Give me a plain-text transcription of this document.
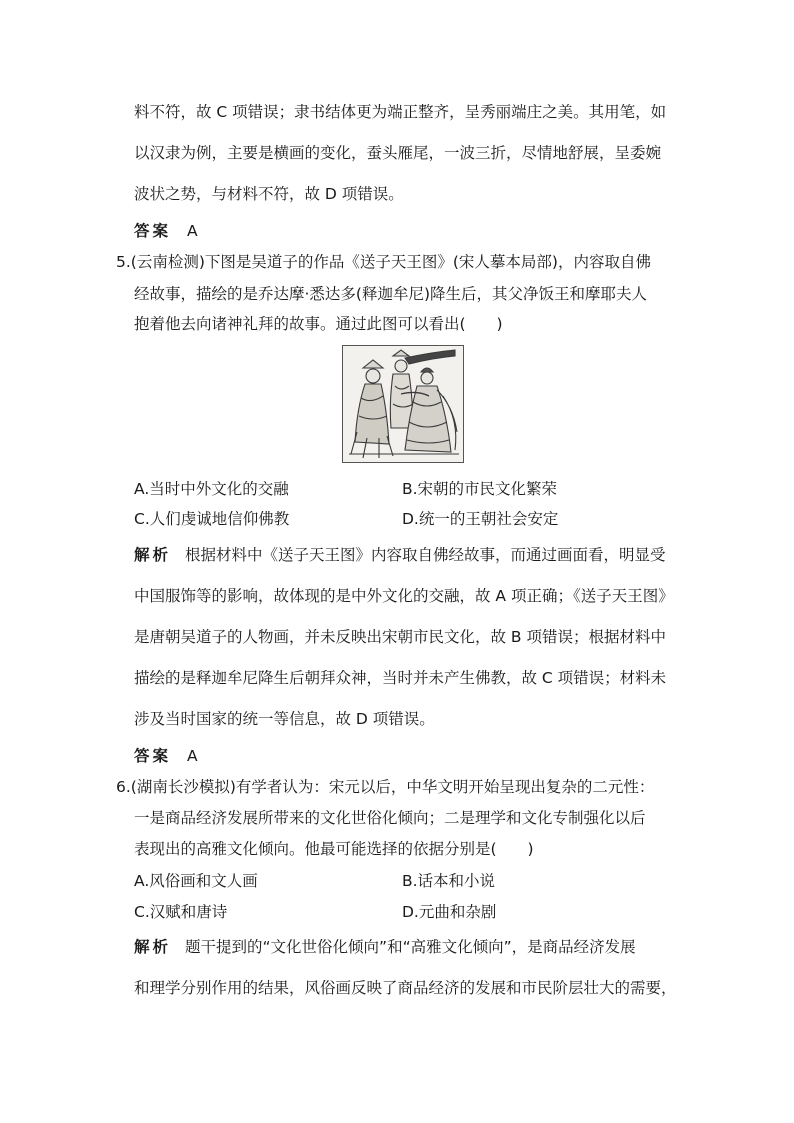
料不符，故 C 项错误；隶书结体更为端正整齐，呈秀丽端庄之美。其用笔，如
以汉隶为例，主要是横画的变化，蚕头雁尾，一波三折，尽情地舒展，呈委婉
波状之势，与材料不符，故 D 项错误。
答案 A
5.(云南检测)下图是吴道子的作品《送子天王图》(宋人摹本局部)，内容取自佛
经故事，描绘的是乔达摩·悉达多(释迦牟尼)降生后，其父净饭王和摩耶夫人
抱着他去向诸神礼拜的故事。通过此图可以看出(　　)
A.当时中外文化的交融	B.宋朝的市民文化繁荣
C.人们虔诚地信仰佛教	D.统一的王朝社会安定
解析 根据材料中《送子天王图》内容取自佛经故事，而通过画面看，明显受
中国服饰等的影响，故体现的是中外文化的交融，故 A 项正确；《送子天王图》
是唐朝吴道子的人物画，并未反映出宋朝市民文化，故 B 项错误；根据材料中
描绘的是释迦牟尼降生后朝拜众神，当时并未产生佛教，故 C 项错误；材料未
涉及当时国家的统一等信息，故 D 项错误。
答案 A
6.(湖南长沙模拟)有学者认为：宋元以后，中华文明开始呈现出复杂的二元性：
一是商品经济发展所带来的文化世俗化倾向；二是理学和文化专制强化以后
表现出的高雅文化倾向。他最可能选择的依据分别是(　　)
A.风俗画和文人画	B.话本和小说
C.汉赋和唐诗	D.元曲和杂剧
解析 题干提到的“文化世俗化倾向”和“高雅文化倾向”，是商品经济发展
和理学分别作用的结果，风俗画反映了商品经济的发展和市民阶层壮大的需要，
